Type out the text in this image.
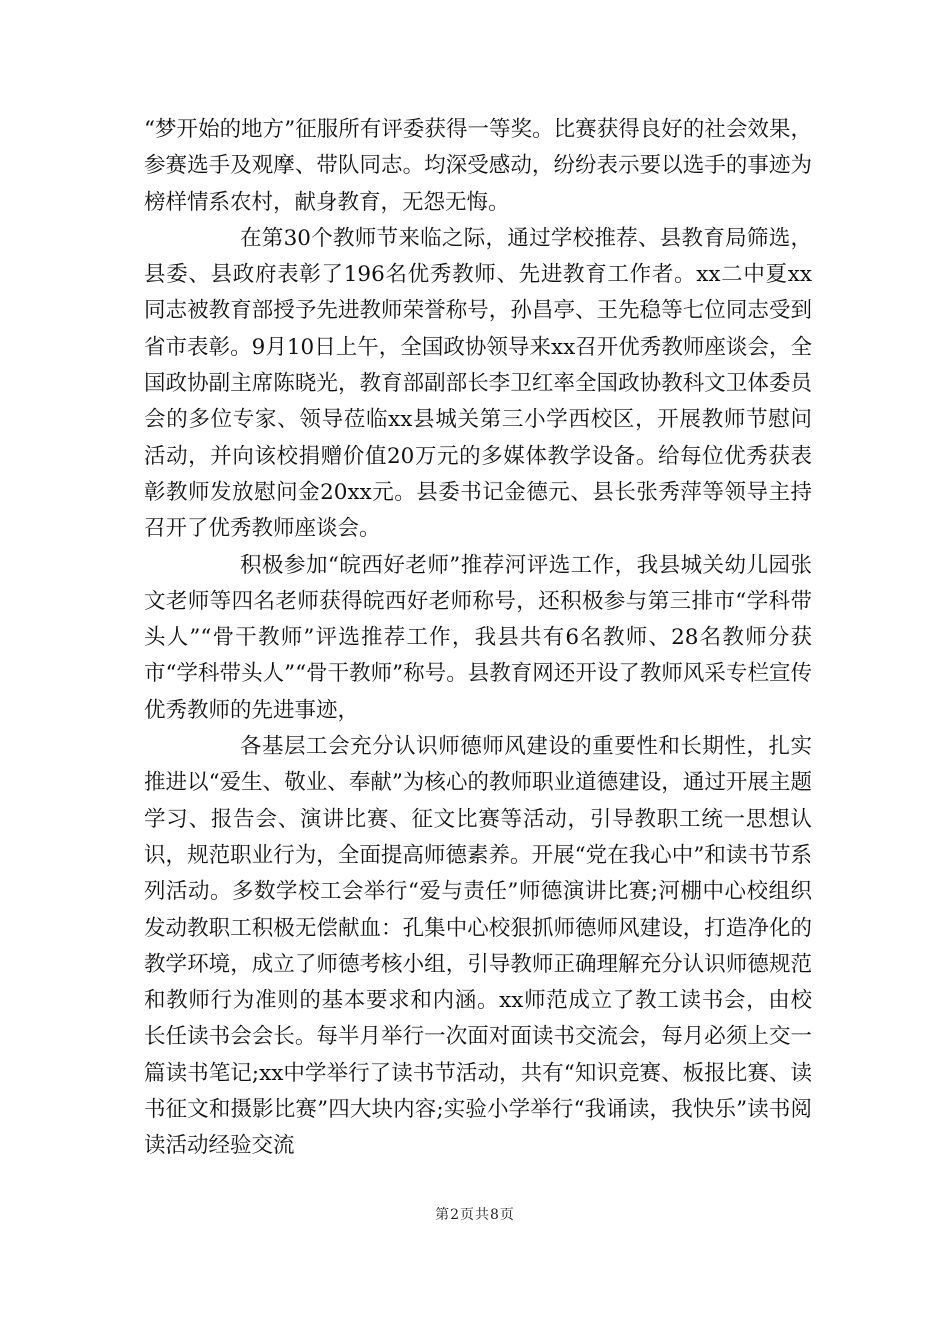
“梦开始的地方”征服所有评委获得一等奖。比赛获得良好的社会效果，参赛选手及观摩、带队同志。均深受感动，纷纷表示要以选手的事迹为榜样情系农村，献身教育，无怨无悔。

在第30个教师节来临之际，通过学校推荐、县教育局筛选，县委、县政府表彰了196名优秀教师、先进教育工作者。xx二中夏xx同志被教育部授予先进教师荣誉称号，孙昌亭、王先稳等七位同志受到省市表彰。9月10日上午，全国政协领导来xx召开优秀教师座谈会，全国政协副主席陈晓光，教育部副部长李卫红率全国政协教科文卫体委员会的多位专家、领导莅临xx县城关第三小学西校区，开展教师节慰问活动，并向该校捐赠价值20万元的多媒体教学设备。给每位优秀获表彰教师发放慰问金20xx元。县委书记金德元、县长张秀萍等领导主持召开了优秀教师座谈会。

积极参加“皖西好老师”推荐河评选工作，我县城关幼儿园张文老师等四名老师获得皖西好老师称号，还积极参与第三排市“学科带头人”“骨干教师”评选推荐工作，我县共有6名教师、28名教师分获市“学科带头人”“骨干教师”称号。县教育网还开设了教师风采专栏宣传优秀教师的先进事迹，

各基层工会充分认识师德师风建设的重要性和长期性，扎实推进以“爱生、敬业、奉献”为核心的教师职业道德建设，通过开展主题学习、报告会、演讲比赛、征文比赛等活动，引导教职工统一思想认识，规范职业行为，全面提高师德素养。开展“党在我心中”和读书节系列活动。多数学校工会举行“爱与责任”师德演讲比赛;河棚中心校组织发动教职工积极无偿献血：孔集中心校狠抓师德师风建设，打造净化的教学环境，成立了师德考核小组，引导教师正确理解充分认识师德规范和教师行为准则的基本要求和内涵。xx师范成立了教工读书会，由校长任读书会会长。每半月举行一次面对面读书交流会，每月必须上交一篇读书笔记;xx中学举行了读书节活动，共有“知识竞赛、板报比赛、读书征文和摄影比赛”四大块内容;实验小学举行“我诵读，我快乐”读书阅读活动经验交流

第2页共8页
